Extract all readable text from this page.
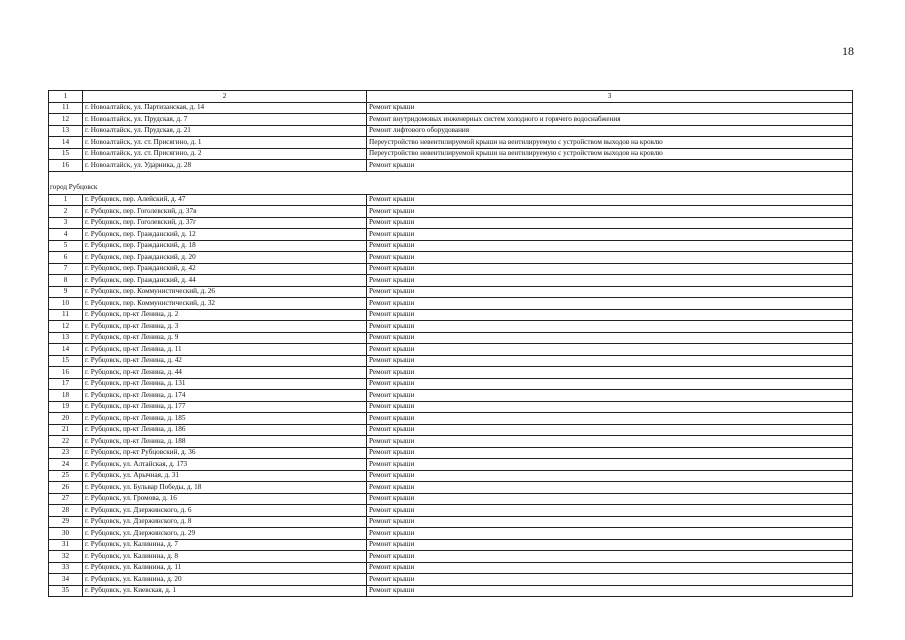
18
1	2	3
11	г. Новоалтайск, ул. Партизанская, д. 14	Ремонт крыши
12	г. Новоалтайск, ул. Прудская, д. 7	Ремонт внутридомовых инженерных систем холодного и горячего водоснабжения
13	г. Новоалтайск, ул. Прудская, д. 21	Ремонт лифтового оборудования
14	г. Новоалтайск, ул. ст. Присягино, д. 1	Переустройство невентилируемой крыши на вентилируемую с устройством выходов на кровлю
15	г. Новоалтайск, ул. ст. Присягино, д. 2	Переустройство невентилируемой крыши на вентилируемую с устройством выходов на кровлю
16	г. Новоалтайск, ул. Ударника, д. 28	Ремонт крыши

город Рубцовск		
1	г. Рубцовск, пер. Алейский, д. 47	Ремонт крыши
2	г. Рубцовск, пер. Гоголевский, д. 37в	Ремонт крыши
3	г. Рубцовск, пер. Гоголевский, д. 37г	Ремонт крыши
4	г. Рубцовск, пер. Гражданский, д. 12	Ремонт крыши
5	г. Рубцовск, пер. Гражданский, д. 18	Ремонт крыши
6	г. Рубцовск, пер. Гражданский, д. 20	Ремонт крыши
7	г. Рубцовск, пер. Гражданский, д. 42	Ремонт крыши
8	г. Рубцовск, пер. Гражданский, д. 44	Ремонт крыши
9	г. Рубцовск, пер. Коммунистический, д. 26	Ремонт крыши
10	г. Рубцовск, пер. Коммунистический, д. 32	Ремонт крыши
11	г. Рубцовск, пр-кт Ленина, д. 2	Ремонт крыши
12	г. Рубцовск, пр-кт Ленина, д. 3	Ремонт крыши
13	г. Рубцовск, пр-кт Ленина, д. 9	Ремонт крыши
14	г. Рубцовск, пр-кт Ленина, д. 11	Ремонт крыши
15	г. Рубцовск, пр-кт Ленина, д. 42	Ремонт крыши
16	г. Рубцовск, пр-кт Ленина, д. 44	Ремонт крыши
17	г. Рубцовск, пр-кт Ленина, д. 131	Ремонт крыши
18	г. Рубцовск, пр-кт Ленина, д. 174	Ремонт крыши
19	г. Рубцовск, пр-кт Ленина, д. 177	Ремонт крыши
20	г. Рубцовск, пр-кт Ленина, д. 185	Ремонт крыши
21	г. Рубцовск, пр-кт Ленина, д. 186	Ремонт крыши
22	г. Рубцовск, пр-кт Ленина, д. 188	Ремонт крыши
23	г. Рубцовск, пр-кт Рубцовский, д. 36	Ремонт крыши
24	г. Рубцовск, ул. Алтайская, д. 173	Ремонт крыши
25	г. Рубцовск, ул. Арычная, д. 31	Ремонт крыши
26	г. Рубцовск, ул. Бульвар Победы, д. 18	Ремонт крыши
27	г. Рубцовск, ул. Громова, д. 16	Ремонт крыши
28	г. Рубцовск, ул. Дзержинского, д. 6	Ремонт крыши
29	г. Рубцовск, ул. Дзержинского, д. 8	Ремонт крыши
30	г. Рубцовск, ул. Дзержинского, д. 29	Ремонт крыши
31	г. Рубцовск, ул. Калинина, д. 7	Ремонт крыши
32	г. Рубцовск, ул. Калинина, д. 8	Ремонт крыши
33	г. Рубцовск, ул. Калинина, д. 11	Ремонт крыши
34	г. Рубцовск, ул. Калинина, д. 20	Ремонт крыши
35	г. Рубцовск, ул. Киевская, д. 1	Ремонт крыши
